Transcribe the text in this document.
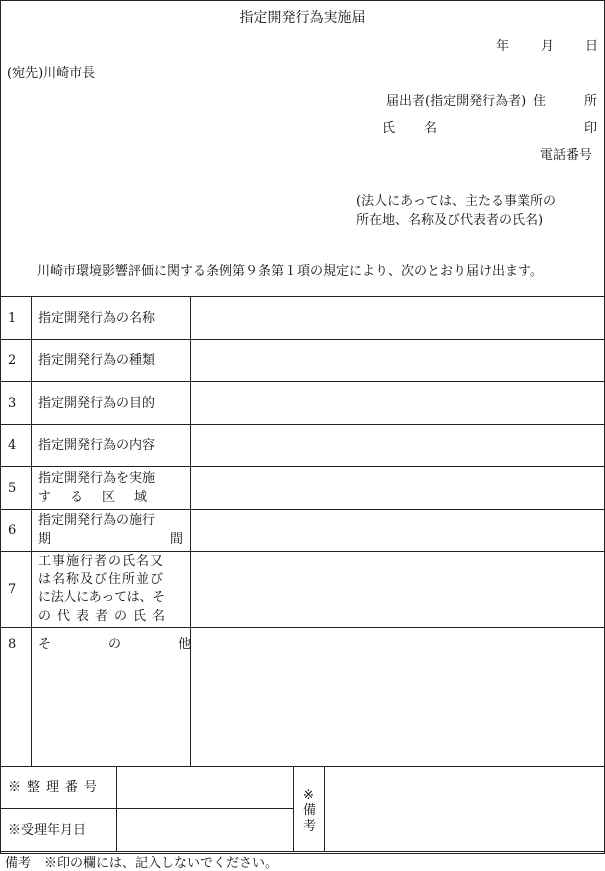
指定開発行為実施届
年 月 日
(宛先)川崎市長
届出者(指定開発行為者) 住	所
氏 名	印
電話番号
(法人にあっては、主たる事業所の
所在地、名称及び代表者の氏名)
川崎市環境影響評価に関する条例第９条第１項の規定により、次のとおり届け出ます。
1 指定開発行為の名称
2 指定開発行為の種類
3 指定開発行為の目的
4 指定開発行為の内容
5
指定開発行為を実施
する区域
6
指定開発行為の施行
期間
7
工事施行者の氏名又
は名称及び住所並び
に法人にあっては、そ
の代表者の氏名
8 その他
※整理番号
※受理年月日
※
備
考
備考　※印の欄には、記入しないでください。
